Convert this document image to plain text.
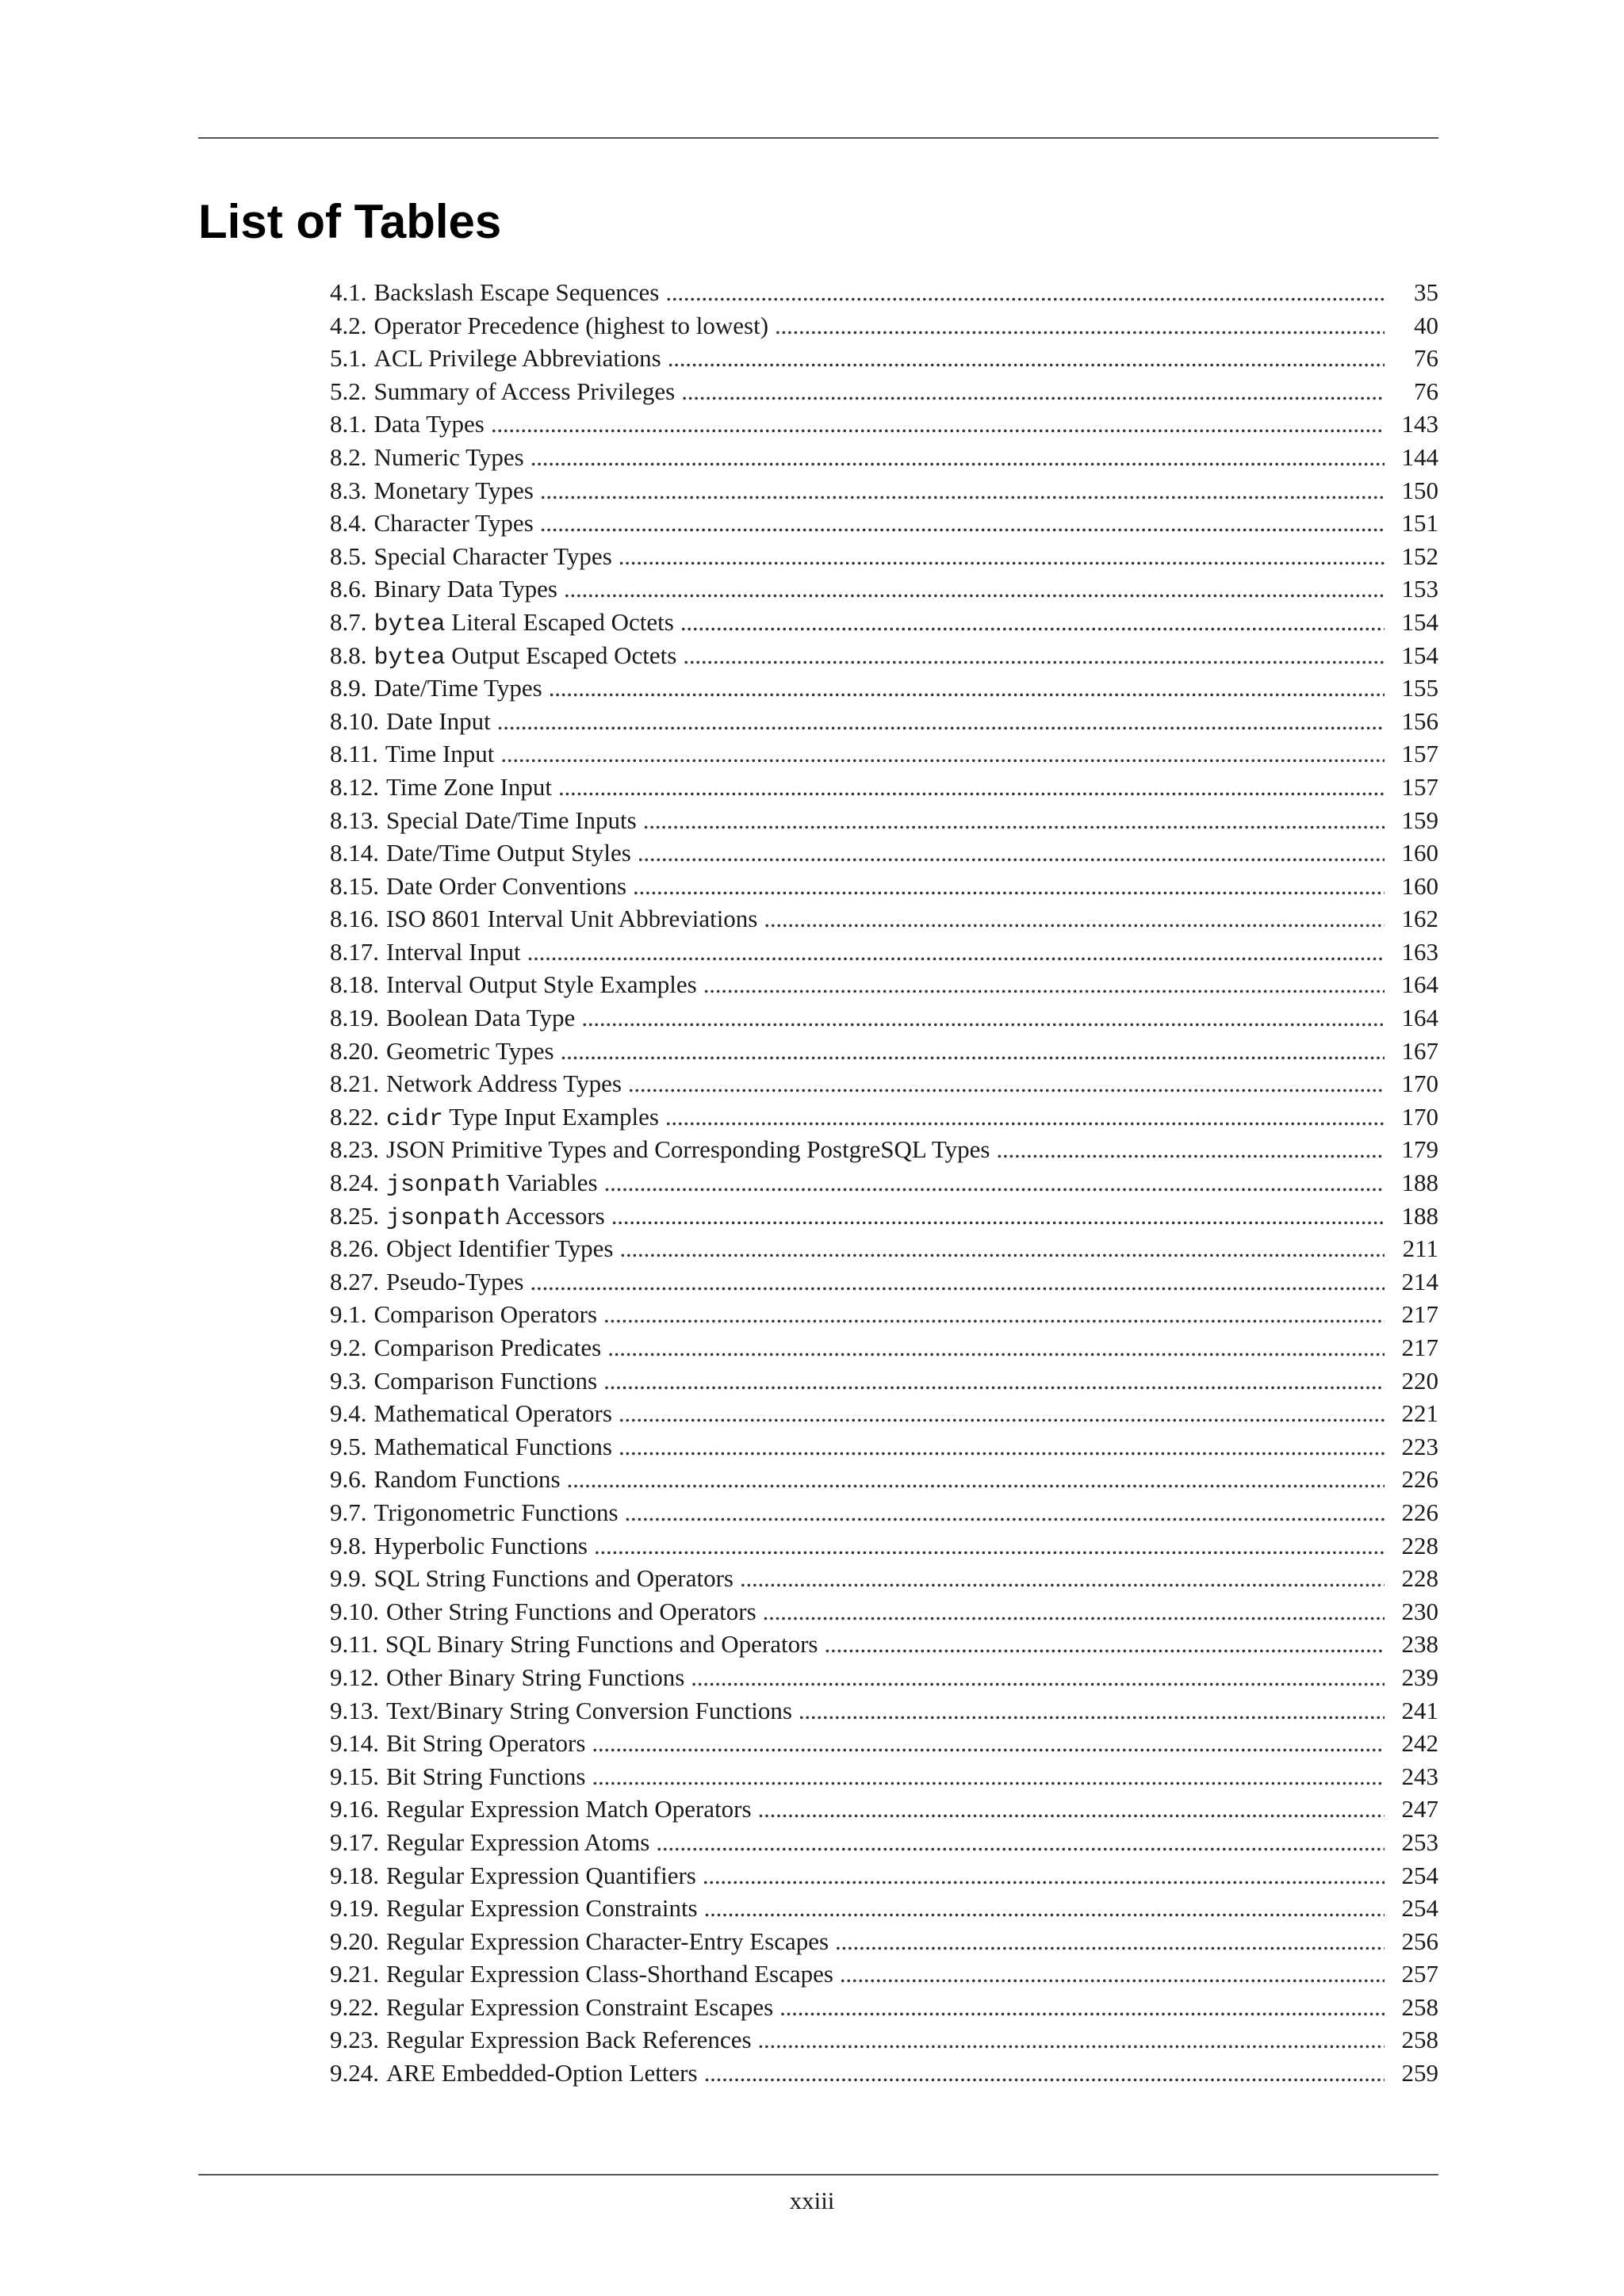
List of Tables
4.1. Backslash Escape Sequences . . .	35
4.2. Operator Precedence (highest to lowest) . . .	40
5.1. ACL Privilege Abbreviations . . .	76
5.2. Summary of Access Privileges . . .	76
8.1. Data Types . . .	143
8.2. Numeric Types . . .	144
8.3. Monetary Types . . .	150
8.4. Character Types . . .	151
8.5. Special Character Types . . .	152
8.6. Binary Data Types . . .	153
8.7. bytea Literal Escaped Octets . . .	154
8.8. bytea Output Escaped Octets . . .	154
8.9. Date/Time Types . . .	155
8.10. Date Input . . .	156
8.11. Time Input . . .	157
8.12. Time Zone Input . . .	157
8.13. Special Date/Time Inputs . . .	159
8.14. Date/Time Output Styles . . .	160
8.15. Date Order Conventions . . .	160
8.16. ISO 8601 Interval Unit Abbreviations . . .	162
8.17. Interval Input . . .	163
8.18. Interval Output Style Examples . . .	164
8.19. Boolean Data Type . . .	164
8.20. Geometric Types . . .	167
8.21. Network Address Types . . .	170
8.22. cidr Type Input Examples . . .	170
8.23. JSON Primitive Types and Corresponding PostgreSQL Types . . .	179
8.24. jsonpath Variables . . .	188
8.25. jsonpath Accessors . . .	188
8.26. Object Identifier Types . . .	211
8.27. Pseudo-Types . . .	214
9.1. Comparison Operators . . .	217
9.2. Comparison Predicates . . .	217
9.3. Comparison Functions . . .	220
9.4. Mathematical Operators . . .	221
9.5. Mathematical Functions . . .	223
9.6. Random Functions . . .	226
9.7. Trigonometric Functions . . .	226
9.8. Hyperbolic Functions . . .	228
9.9. SQL String Functions and Operators . . .	228
9.10. Other String Functions and Operators . . .	230
9.11. SQL Binary String Functions and Operators . . .	238
9.12. Other Binary String Functions . . .	239
9.13. Text/Binary String Conversion Functions . . .	241
9.14. Bit String Operators . . .	242
9.15. Bit String Functions . . .	243
9.16. Regular Expression Match Operators . . .	247
9.17. Regular Expression Atoms . . .	253
9.18. Regular Expression Quantifiers . . .	254
9.19. Regular Expression Constraints . . .	254
9.20. Regular Expression Character-Entry Escapes . . .	256
9.21. Regular Expression Class-Shorthand Escapes . . .	257
9.22. Regular Expression Constraint Escapes . . .	258
9.23. Regular Expression Back References . . .	258
9.24. ARE Embedded-Option Letters . . .	259
xxiii
